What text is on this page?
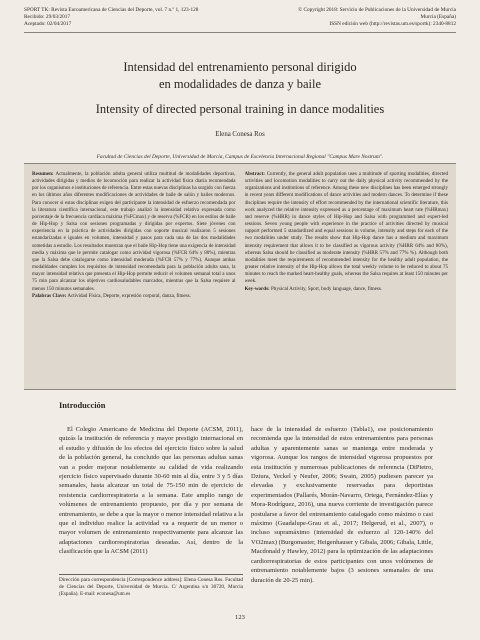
SPORT TK: Revista Euroamericana de Ciencias del Deporte, vol. 7 n.º 1, 123-128
Recibido: 29/03/2017
Aceptado: 02/04/2017
© Copyright 2018: Servicio de Publicaciones de la Universidad de Murcia
Murcia (España)
ISSN edición web (http://revistas.um.es/sportk): 2340-8812
Intensidad del entrenamiento personal dirigido
en modalidades de danza y baile
Intensity of directed personal training in dance modalities
Elena Conesa Ros
Facultad de Ciencias del Deporte, Universidad de Murcia, Campus de Excelencia Internacional Regional "Campus Mare Nostrum".
Resumen: Actualmente, la población adulta general utiliza multitud de modalidades deportivas, actividades dirigidas y medios de locomoción para realizar la actividad física diaria recomendada por los organismos e instituciones de referencia. Entre estas nuevas disciplinas ha surgido con fuerza en los últimos años diferentes modificaciones de actividades de baile de salón y bailes modernos. Para conocer si estas disciplinas exigen del participante la intensidad de esfuerzo recomendada por la literatura científica internacional, este trabajo analizó la intensidad relativa expresada como porcentaje de la frecuencia cardíaca máxima (%FCmax) y de reserva (%FCR) en los estilos de baile de Hip-Hop y Salsa con sesiones programadas y dirigidas por expertos. Siete jóvenes con experiencia en la práctica de actividades dirigidas con soporte musical realizaron 5 sesiones estandarizadas e iguales en volumen, intensidad y pasos para cada una de las dos modalidades sometidas a estudio. Los resultados muestran que el baile Hip-Hop tiene una exigencia de intensidad media y máxima que le permite catalogar como actividad vigorosa (%FCR 64% y 80%), mientras que la Salsa debe catalogarse como intensidad moderada (%FCR 57% y 77%). Aunque ambas modalidades cumplen los requisitos de intensidad recomendada para la población adulta sana, la mayor intensidad relativa que presenta el Hip-Hop permite reducir el volumen semanal total a unos 75 min para alcanzar los objetivos cardiosaludables marcados, mientras que la Salsa requiere al menos 150 minutos semanales.
Palabras Clave: Actividad Física, Deporte, expresión corporal, danza, fitness.
Abstract: Currently, the general adult population uses a multitude of sporting modalities, directed activities and locomotion modalities to carry out the daily physical activity recommended by the organizations and institutions of reference. Among these new disciplines has been emerged strongly in recent years different modifications of dance activities and modern dances. To determine if these disciplines require the intensity of effort recommended by the international scientific literature, this work analyzed the relative intensity expressed as a percentage of maximum heart rate (%HRmax) and reserve (%HRR) in dance styles of Hip-Hop and Salsa with programmed and expert-led sessions. Seven young people with experience in the practice of activities directed by musical support performed 5 standardized and equal sessions in volume, intensity and steps for each of the two modalities under study. The results show that Hip-Hop dance has a medium and maximum intensity requirement that allows it to be classified as vigorous activity (%HRR 64% and 80%), whereas Salsa should be classified as moderate intensity (%HRR 57% and 77% %). Although both modalities meet the requirements of recommended intensity for the healthy adult population, the greater relative intensity of the Hip-Hop allows the total weekly volume to be reduced to about 75 minutes to reach the marked heart-healthy goals, whereas the Salsa requires at least 150 minutes per week.
Key-words: Physical Activity, Sport, body language, dance, fitness.
Introducción
El Colegio Americano de Medicina del Deporte (ACSM, 2011), quizás la institución de referencia y mayor prestigio internacional en el estudio y difusión de los efectos del ejercicio físico sobre la salud de la población general, ha concluido que las personas adultas sanas van a poder mejorar notablemente su calidad de vida realizando ejercicio físico supervisado durante 30-60 min al día, entre 3 y 5 días semanales, hasta alcanzar un total de 75-150 min de ejercicio de resistencia cardiorrespiratoria a la semana. Este amplio rango de volúmenes de entrenamiento propuesto, por día y por semana de entrenamiento, se debe a que la mayor o menor intensidad relativa a la que el individuo realice la actividad va a requerir de un menor o mayor volumen de entrenamiento respectivamente para alcanzar las adaptaciones cardiorrespiratorias deseadas. Así, dentro de la clasificación que la ACSM (2011)
hace de la intensidad de esfuerzo (Tabla1), ese posicionamiento recomienda que la intensidad de estos entrenamientos para personas adultas y aparentemente sanas se mantenga entre moderada y vigorosa. Aunque los rangos de intensidad vigorosa propuestos por esta institución y numerosas publicaciones de referencia (DiPietro, Dziura, Yeckel y Neufer, 2006; Swain, 2005) pudiesen parecer ya elevadas y exclusivamente reservadas para deportistas experimentados (Pallarés, Morán-Navarro, Ortega, Fernández-Elías y Mora-Rodríguez, 2016), una nueva corriente de investigación parece postularse a favor del entrenamiento catalogado como máximo o casi máximo (Guadalupe-Grau et al., 2017; Helgerud, et al., 2007), o incluso supramáximo (intensidad de esfuerzo al 120-140% del VO2max) (Burgomaster, Heigenhauser y Gibala, 2006; Gibala, Little, Macdonald y Hawley, 2012) para la optimización de las adaptaciones cardiorrespiratorias de estos participantes con unos volúmenes de entrenamiento notablemente bajos (3 sesiones semanales de una duración de 20-25 min).
Dirección para correspondencia [Correspondence address]: Elena Conesa Ros. Facultad de Ciencias del Deporte, Universidad de Murcia. C/ Argentina s/n 30720, Murcia (España). E-mail: econesa@um.es
123
